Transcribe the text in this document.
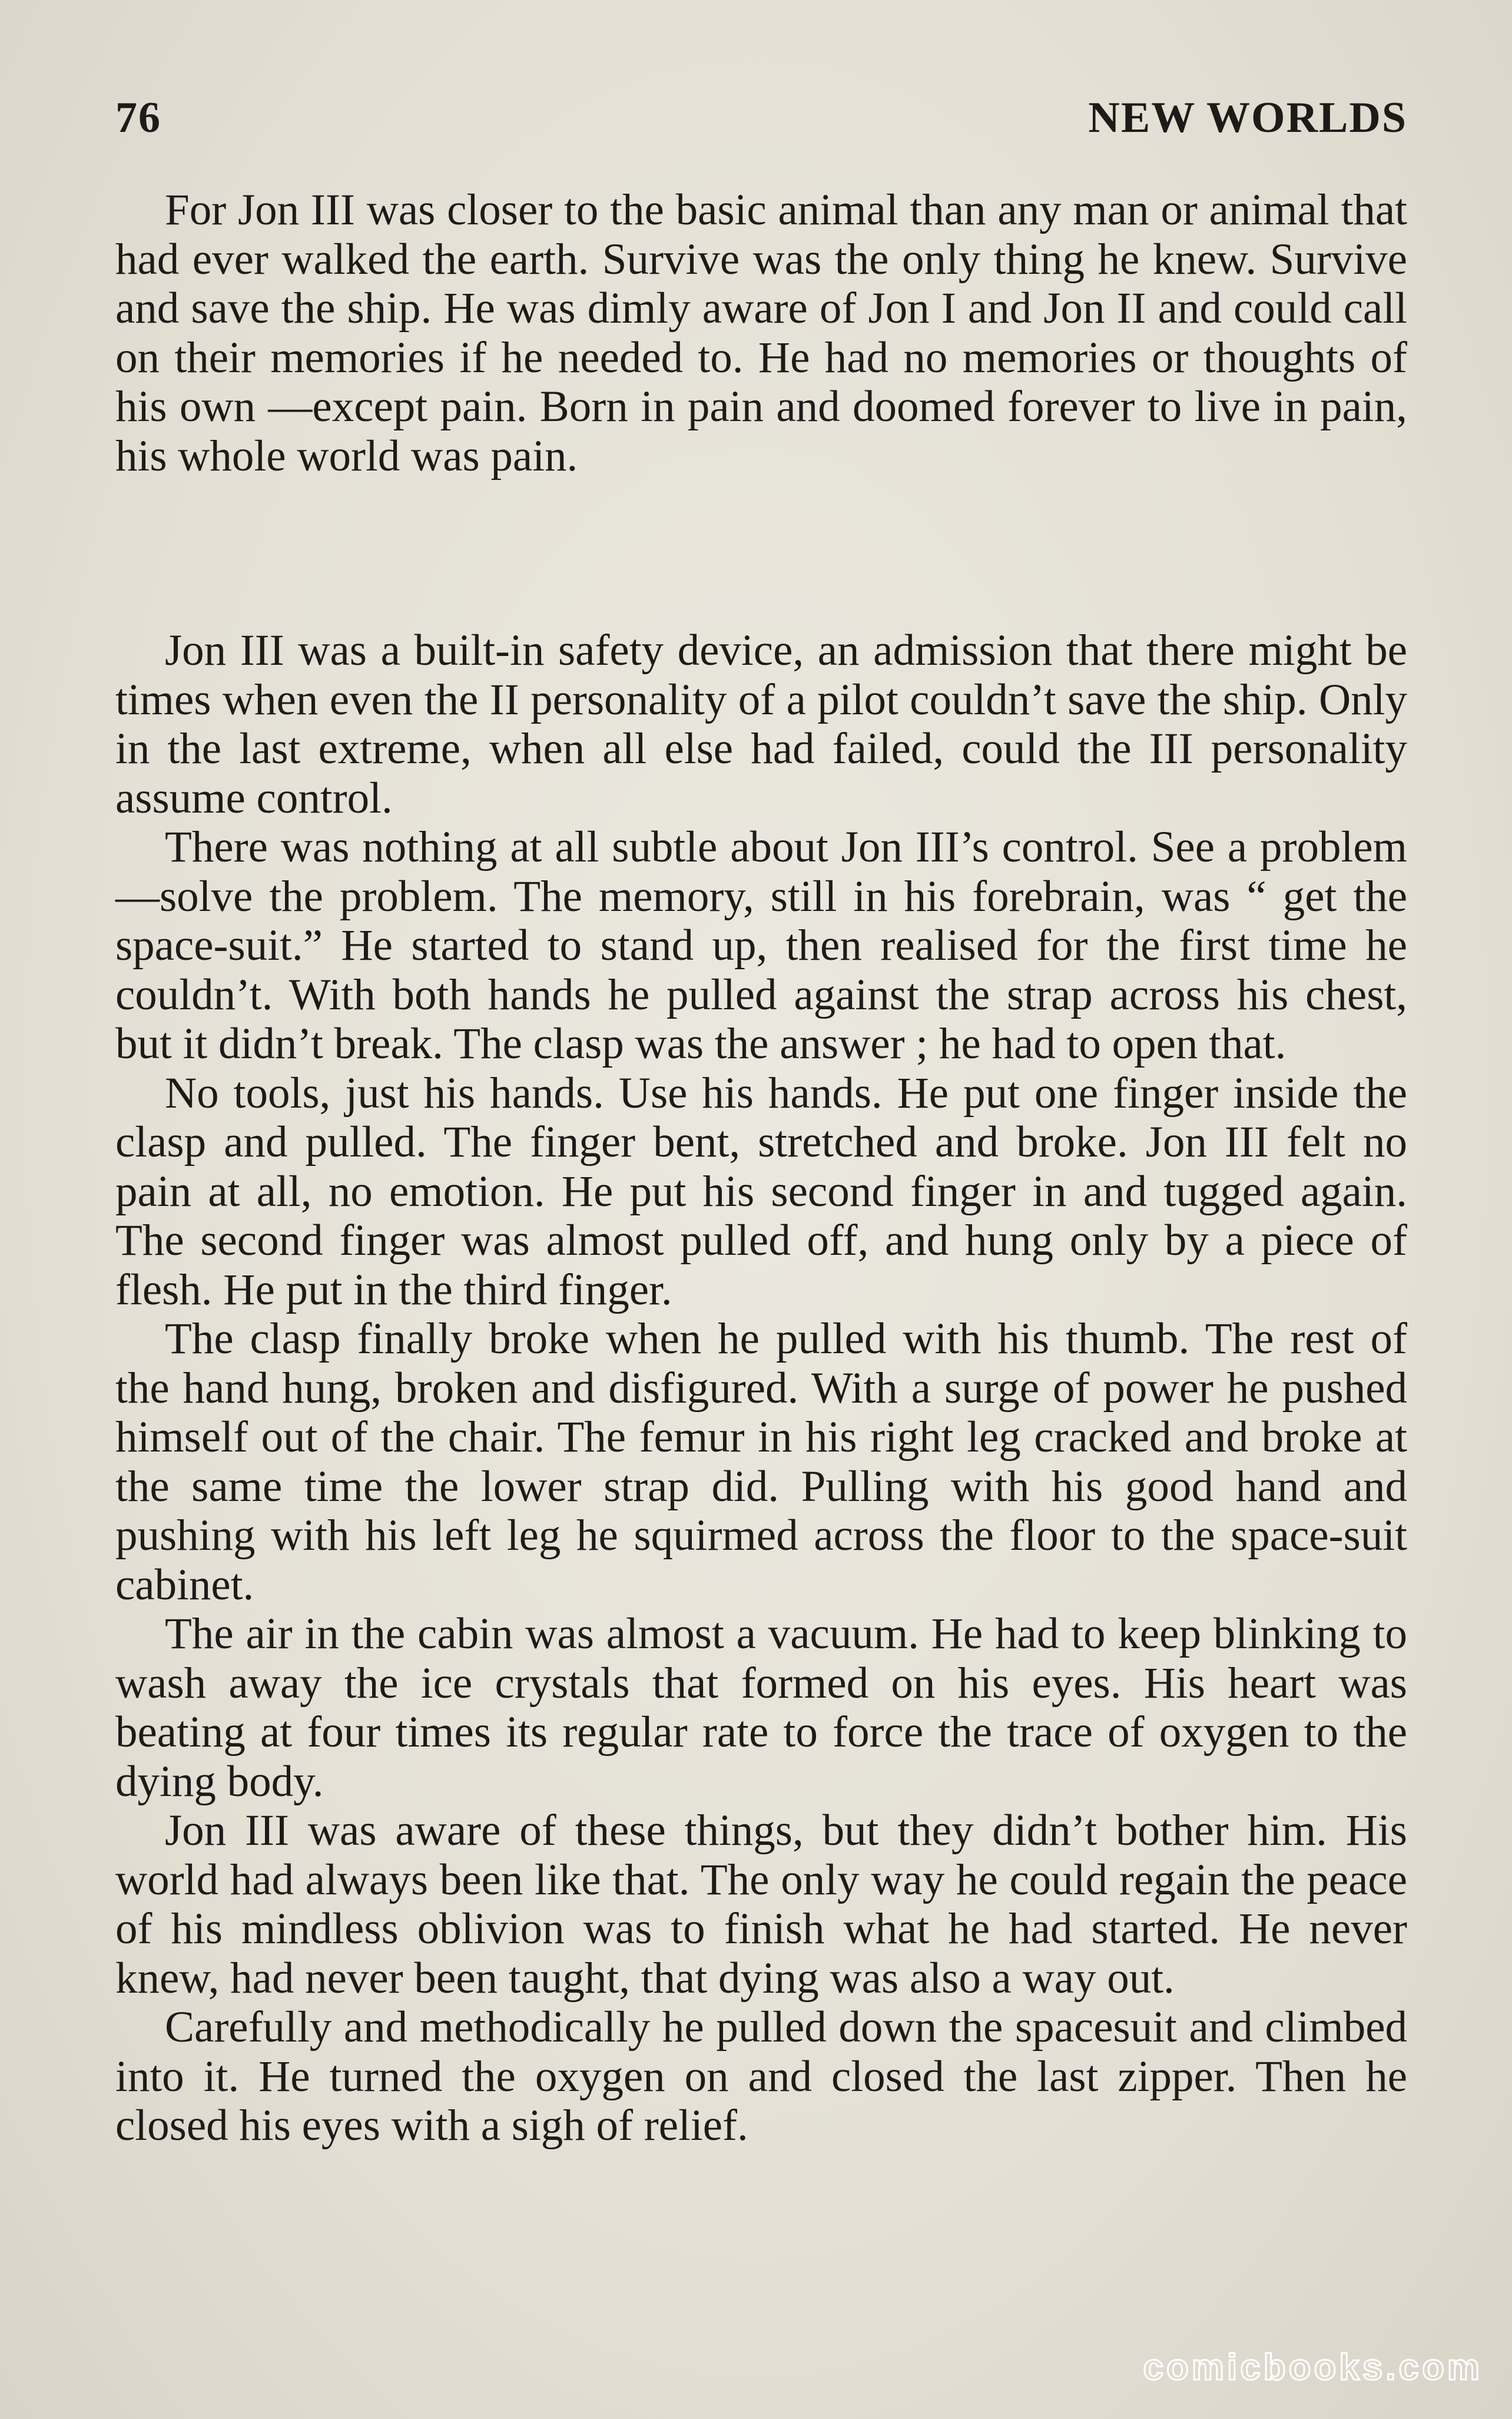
76	NEW WORLDS

For Jon III was closer to the basic animal than any man or animal that had ever walked the earth. Survive was the only thing he knew. Survive and save the ship. He was dimly aware of Jon I and Jon II and could call on their memories if he needed to. He had no memories or thoughts of his own —except pain. Born in pain and doomed forever to live in pain, his whole world was pain.

Jon III was a built-in safety device, an admission that there might be times when even the II personality of a pilot couldn’t save the ship. Only in the last extreme, when all else had failed, could the III personality assume control.

There was nothing at all subtle about Jon III’s control. See a problem—solve the problem. The memory, still in his forebrain, was “ get the space-suit.” He started to stand up, then realised for the first time he couldn’t. With both hands he pulled against the strap across his chest, but it didn’t break. The clasp was the answer ; he had to open that.

No tools, just his hands. Use his hands. He put one finger inside the clasp and pulled. The finger bent, stretched and broke. Jon III felt no pain at all, no emotion. He put his second finger in and tugged again. The second finger was almost pulled off, and hung only by a piece of flesh. He put in the third finger.

The clasp finally broke when he pulled with his thumb. The rest of the hand hung, broken and disfigured. With a surge of power he pushed himself out of the chair. The femur in his right leg cracked and broke at the same time the lower strap did. Pulling with his good hand and pushing with his left leg he squirmed across the floor to the space-suit cabinet.

The air in the cabin was almost a vacuum. He had to keep blinking to wash away the ice crystals that formed on his eyes. His heart was beating at four times its regular rate to force the trace of oxygen to the dying body.

Jon III was aware of these things, but they didn’t bother him. His world had always been like that. The only way he could regain the peace of his mindless oblivion was to finish what he had started. He never knew, had never been taught, that dying was also a way out.

Carefully and methodically he pulled down the spacesuit and climbed into it. He turned the oxygen on and closed the last zipper. Then he closed his eyes with a sigh of relief.

comicbooks.com
